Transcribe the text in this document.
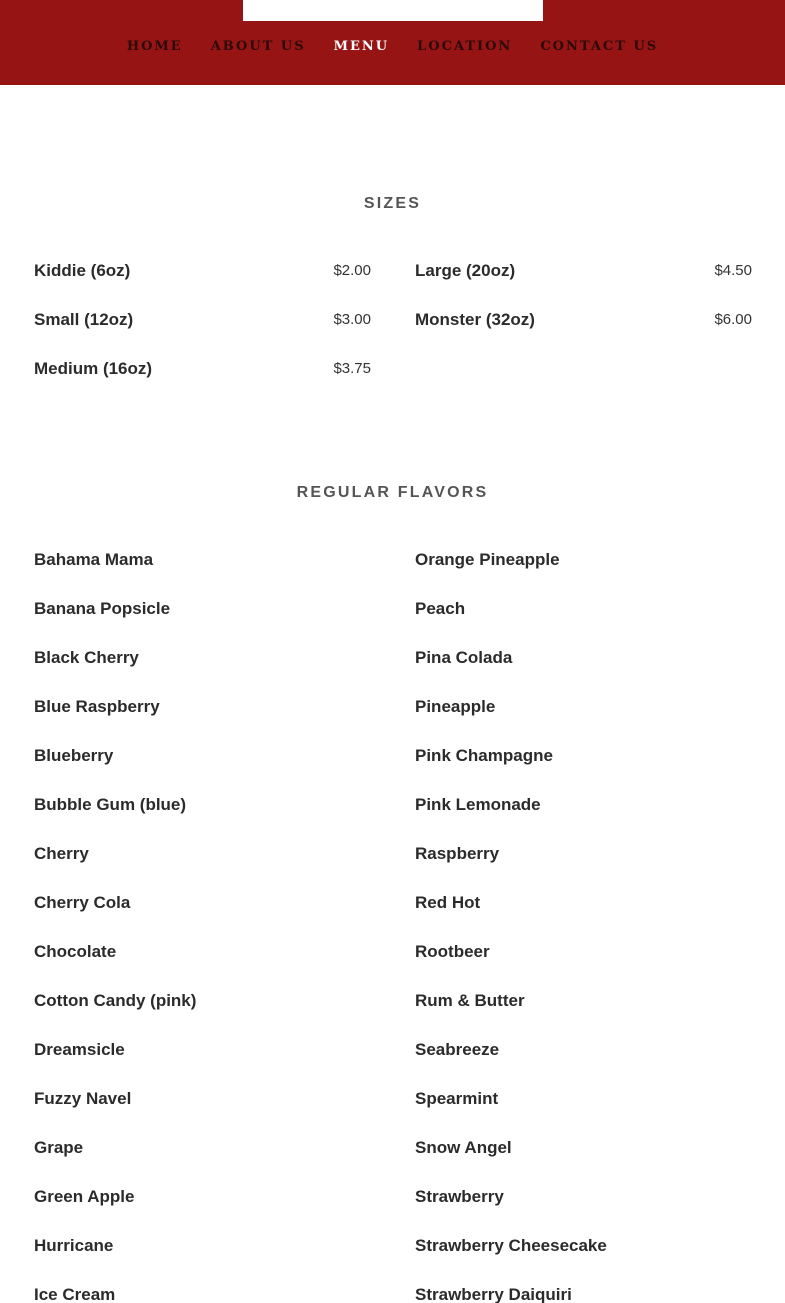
HOME ABOUT US MENU LOCATION CONTACT US
SIZES
Kiddie (6oz)	$2.00
Small (12oz)	$3.00
Medium (16oz)	$3.75
Large (20oz)	$4.50
Monster (32oz)	$6.00
REGULAR FLAVORS
Bahama Mama
Banana Popsicle
Black Cherry
Blue Raspberry
Blueberry
Bubble Gum (blue)
Cherry
Cherry Cola
Chocolate
Cotton Candy (pink)
Dreamsicle
Fuzzy Navel
Grape
Green Apple
Hurricane
Ice Cream
Orange Pineapple
Peach
Pina Colada
Pineapple
Pink Champagne
Pink Lemonade
Raspberry
Red Hot
Rootbeer
Rum & Butter
Seabreeze
Spearmint
Snow Angel
Strawberry
Strawberry Cheesecake
Strawberry Daiquiri
